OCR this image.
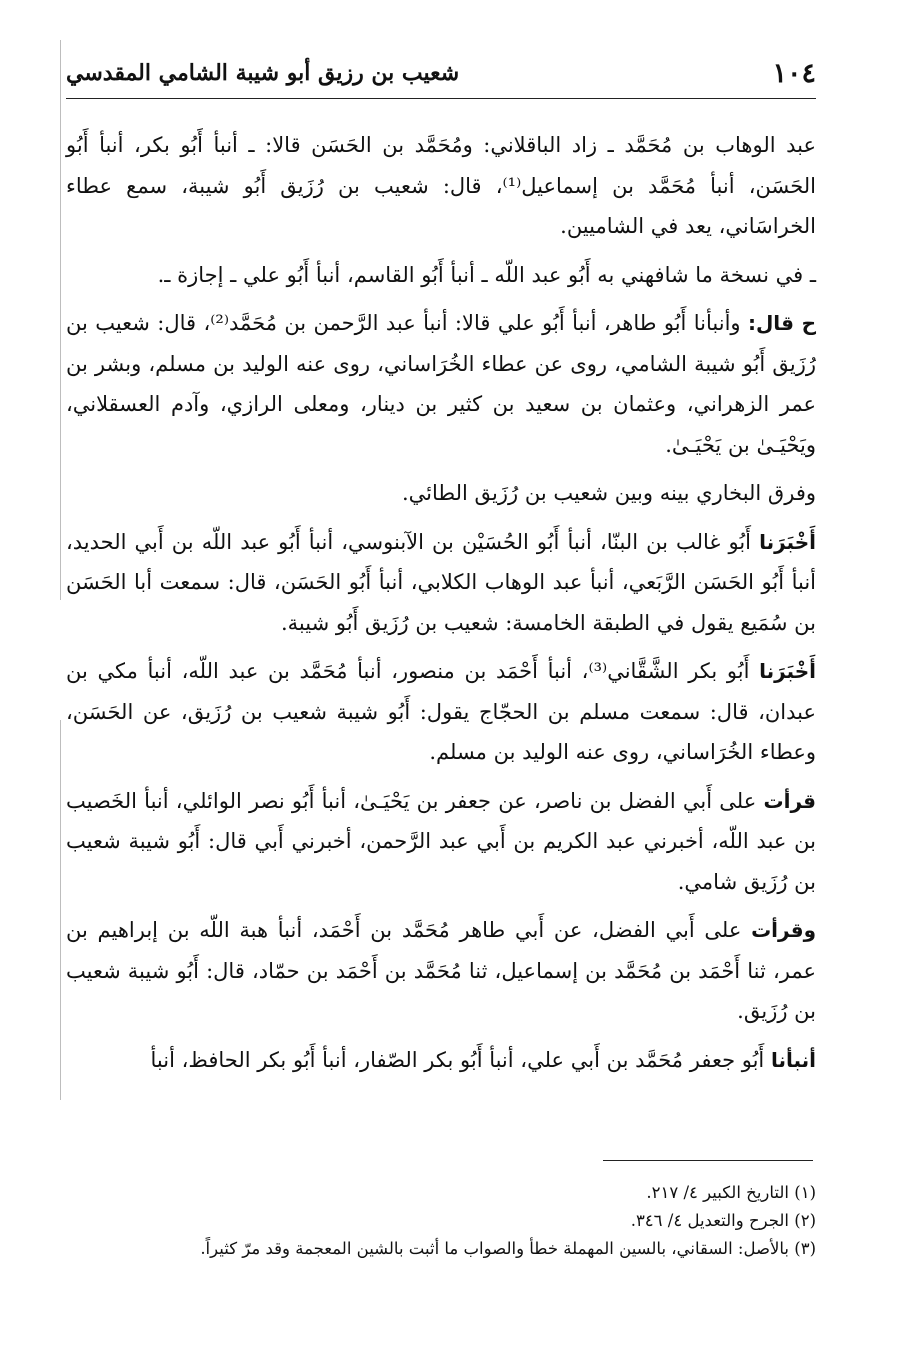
١٠٤
شعيب بن رزيق أبو شيبة الشامي المقدسي

عبد الوهاب بن مُحَمَّد ـ زاد الباقلاني: ومُحَمَّد بن الحَسَن قالا: ـ أنبأ أَبُو بكر، أنبأ أَبُو الحَسَن، أنبأ مُحَمَّد بن إسماعيل⁽¹⁾، قال: شعيب بن رُزَيق أَبُو شيبة، سمع عطاء الخراسَاني، يعد في الشاميين.

ـ في نسخة ما شافهني به أَبُو عبد اللّه ـ أنبأ أَبُو القاسم، أنبأ أَبُو علي ـ إجازة ـ.

ح قال: وأنبأنا أَبُو طاهر، أنبأ أَبُو علي قالا: أنبأ عبد الرَّحمن بن مُحَمَّد⁽²⁾، قال: شعيب بن رُزَيق أَبُو شيبة الشامي، روى عن عطاء الخُرَاساني، روى عنه الوليد بن مسلم، وبشر بن عمر الزهراني، وعثمان بن سعيد بن كثير بن دينار، ومعلى الرازي، وآدم العسقلاني، ويَحْيَـىٰ بن يَحْيَـىٰ.

وفرق البخاري بينه وبين شعيب بن رُزَيق الطائي.

أَخْبَرَنا أَبُو غالب بن البنّا، أنبأ أَبُو الحُسَيْن بن الآبنوسي، أنبأ أَبُو عبد اللّه بن أَبي الحديد، أنبأ أَبُو الحَسَن الرَّبَعي، أنبأ عبد الوهاب الكلابي، أنبأ أَبُو الحَسَن، قال: سمعت أبا الحَسَن بن سُمَيع يقول في الطبقة الخامسة: شعيب بن رُزَيق أَبُو شيبة.

أَخْبَرَنا أَبُو بكر الشَّقَّاني⁽³⁾، أنبأ أَحْمَد بن منصور، أنبأ مُحَمَّد بن عبد اللّه، أنبأ مكي بن عبدان، قال: سمعت مسلم بن الحجّاج يقول: أَبُو شيبة شعيب بن رُزَيق، عن الحَسَن، وعطاء الخُرَاساني، روى عنه الوليد بن مسلم.

قرأت على أَبي الفضل بن ناصر، عن جعفر بن يَحْيَـىٰ، أنبأ أَبُو نصر الوائلي، أنبأ الخَصيب بن عبد اللّه، أخبرني عبد الكريم بن أَبي عبد الرَّحمن، أخبرني أَبي قال: أَبُو شيبة شعيب بن رُزَيق شامي.

وقرأت على أَبي الفضل، عن أَبي طاهر مُحَمَّد بن أَحْمَد، أنبأ هبة اللّه بن إبراهيم بن عمر، ثنا أَحْمَد بن مُحَمَّد بن إسماعيل، ثنا مُحَمَّد بن أَحْمَد بن حمّاد، قال: أَبُو شيبة شعيب بن رُزَيق.

أنبأنا أَبُو جعفر مُحَمَّد بن أَبي علي، أنبأ أَبُو بكر الصّفار، أنبأ أَبُو بكر الحافظ، أنبأ

(١) التاريخ الكبير ٤/ ٢١٧.

(٢) الجرح والتعديل ٤/ ٣٤٦.

(٣) بالأصل: السقاني، بالسين المهملة خطأ والصواب ما أثبت بالشين المعجمة وقد مرّ كثيراً.
